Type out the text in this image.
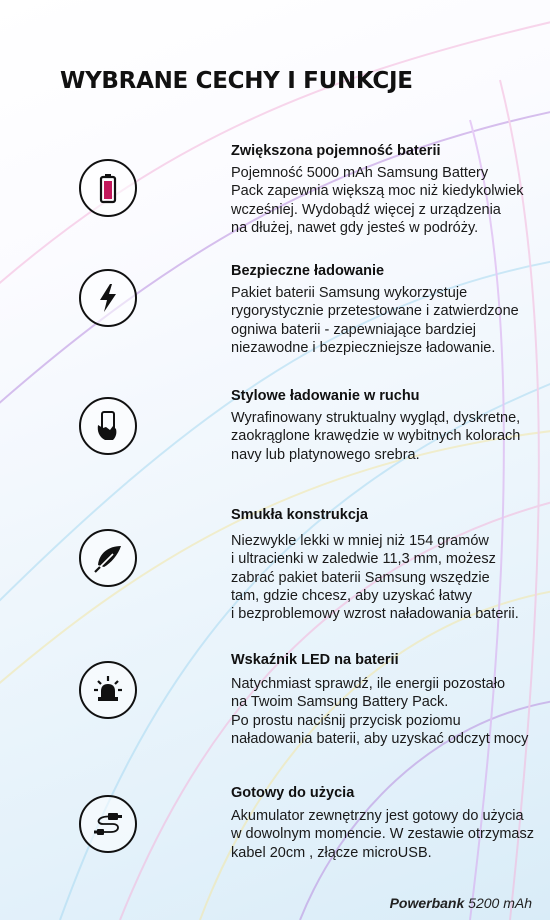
WYBRANE CECHY I FUNKCJE
Zwiększona pojemność baterii
Pojemność 5000 mAh Samsung Battery
Pack zapewnia większą moc niż kiedykolwiek
wcześniej. Wydobądź więcej z urządzenia
na dłużej, nawet gdy jesteś w podróży.
Bezpieczne ładowanie
Pakiet baterii Samsung wykorzystuje
rygorystycznie przetestowane i zatwierdzone
ogniwa baterii - zapewniające bardziej
niezawodne i bezpieczniejsze ładowanie.
Stylowe ładowanie w ruchu
Wyrafinowany struktualny wygląd, dyskretne,
zaokrąglone krawędzie w wybitnych kolorach
navy lub platynowego srebra.
Smukła konstrukcja
Niezwykle lekki w mniej niż 154 gramów
i ultracienki w zaledwie 11,3 mm, możesz
zabrać pakiet baterii Samsung wszędzie
tam, gdzie chcesz, aby uzyskać łatwy
i bezproblemowy wzrost naładowania baterii.
Wskaźnik LED na baterii
Natychmiast sprawdź, ile energii pozostało
na Twoim Samsung Battery Pack.
Po prostu naciśnij przycisk poziomu
naładowania baterii, aby uzyskać odczyt mocy
Gotowy do użycia
Akumulator zewnętrzny jest gotowy do użycia
w dowolnym momencie. W zestawie otrzymasz
kabel 20cm , złącze microUSB.
Powerbank 5200 mAh
